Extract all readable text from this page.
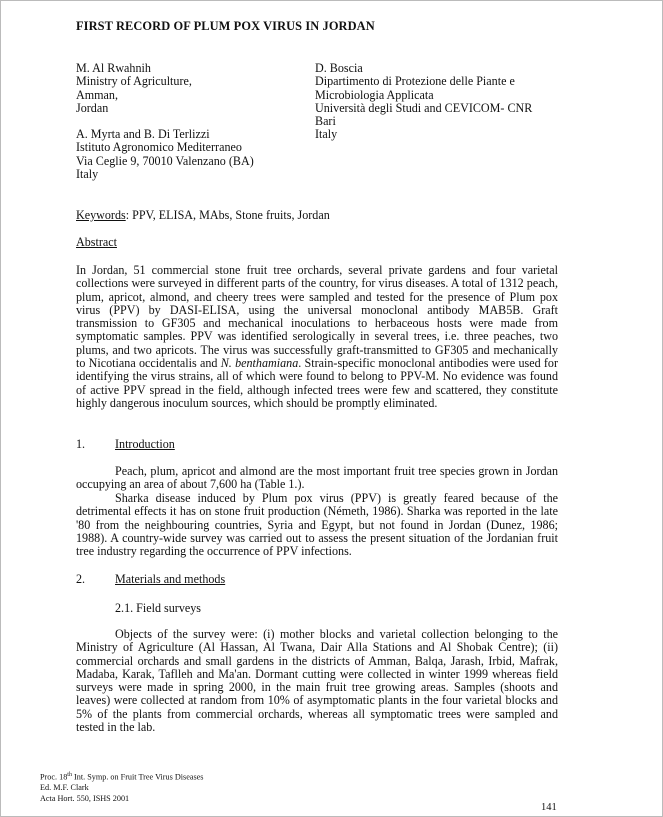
FIRST RECORD OF PLUM POX VIRUS IN JORDAN
M. Al Rwahnih
Ministry of Agriculture,
Amman,
Jordan
D. Boscia
Dipartimento di Protezione delle Piante e
Microbiologia Applicata
Università degli Studi and CEVICOM- CNR
Bari
Italy
A. Myrta and B. Di Terlizzi
Istituto Agronomico Mediterraneo
Via Ceglie 9, 70010 Valenzano (BA)
Italy
Keywords: PPV, ELISA, MAbs, Stone fruits, Jordan
Abstract

In Jordan, 51 commercial stone fruit tree orchards, several private gardens and four varietal collections were surveyed in different parts of the country, for virus diseases. A total of 1312 peach, plum, apricot, almond, and cheery trees were sampled and tested for the presence of Plum pox virus (PPV) by DASI-ELISA, using the universal monoclonal antibody MAB5B. Graft transmission to GF305 and mechanical inoculations to herbaceous hosts were made from symptomatic samples. PPV was identified serologically in several trees, i.e. three peaches, two plums, and two apricots. The virus was successfully graft-transmitted to GF305 and mechanically to Nicotiana occidentalis and N. benthamiana. Strain-specific monoclonal antibodies were used for identifying the virus strains, all of which were found to belong to PPV-M. No evidence was found of active PPV spread in the field, although infected trees were few and scattered, they constitute highly dangerous inoculum sources, which should be promptly eliminated.

1. Introduction

Peach, plum, apricot and almond are the most important fruit tree species grown in Jordan occupying an area of about 7,600 ha (Table 1.).

Sharka disease induced by Plum pox virus (PPV) is greatly feared because of the detrimental effects it has on stone fruit production (Németh, 1986). Sharka was reported in the late '80 from the neighbouring countries, Syria and Egypt, but not found in Jordan (Dunez, 1986; 1988). A country-wide survey was carried out to assess the present situation of the Jordanian fruit tree industry regarding the occurrence of PPV infections.

2. Materials and methods
2.1. Field surveys

Objects of the survey were: (i) mother blocks and varietal collection belonging to the Ministry of Agriculture (Al Hassan, Al Twana, Dair Alla Stations and Al Shobak Centre); (ii) commercial orchards and small gardens in the districts of Amman, Balqa, Jarash, Irbid, Mafrak, Madaba, Karak, Taflleh and Ma'an. Dormant cutting were collected in winter 1999 whereas field surveys were made in spring 2000, in the main fruit tree growing areas. Samples (shoots and leaves) were collected at random from 10% of asymptomatic plants in the four varietal blocks and 5% of the plants from commercial orchards, whereas all symptomatic trees were sampled and tested in the lab.

Proc. 18th Int. Symp. on Fruit Tree Virus Diseases
Ed. M.F. Clark
Acta Hort. 550, ISHS 2001
141
